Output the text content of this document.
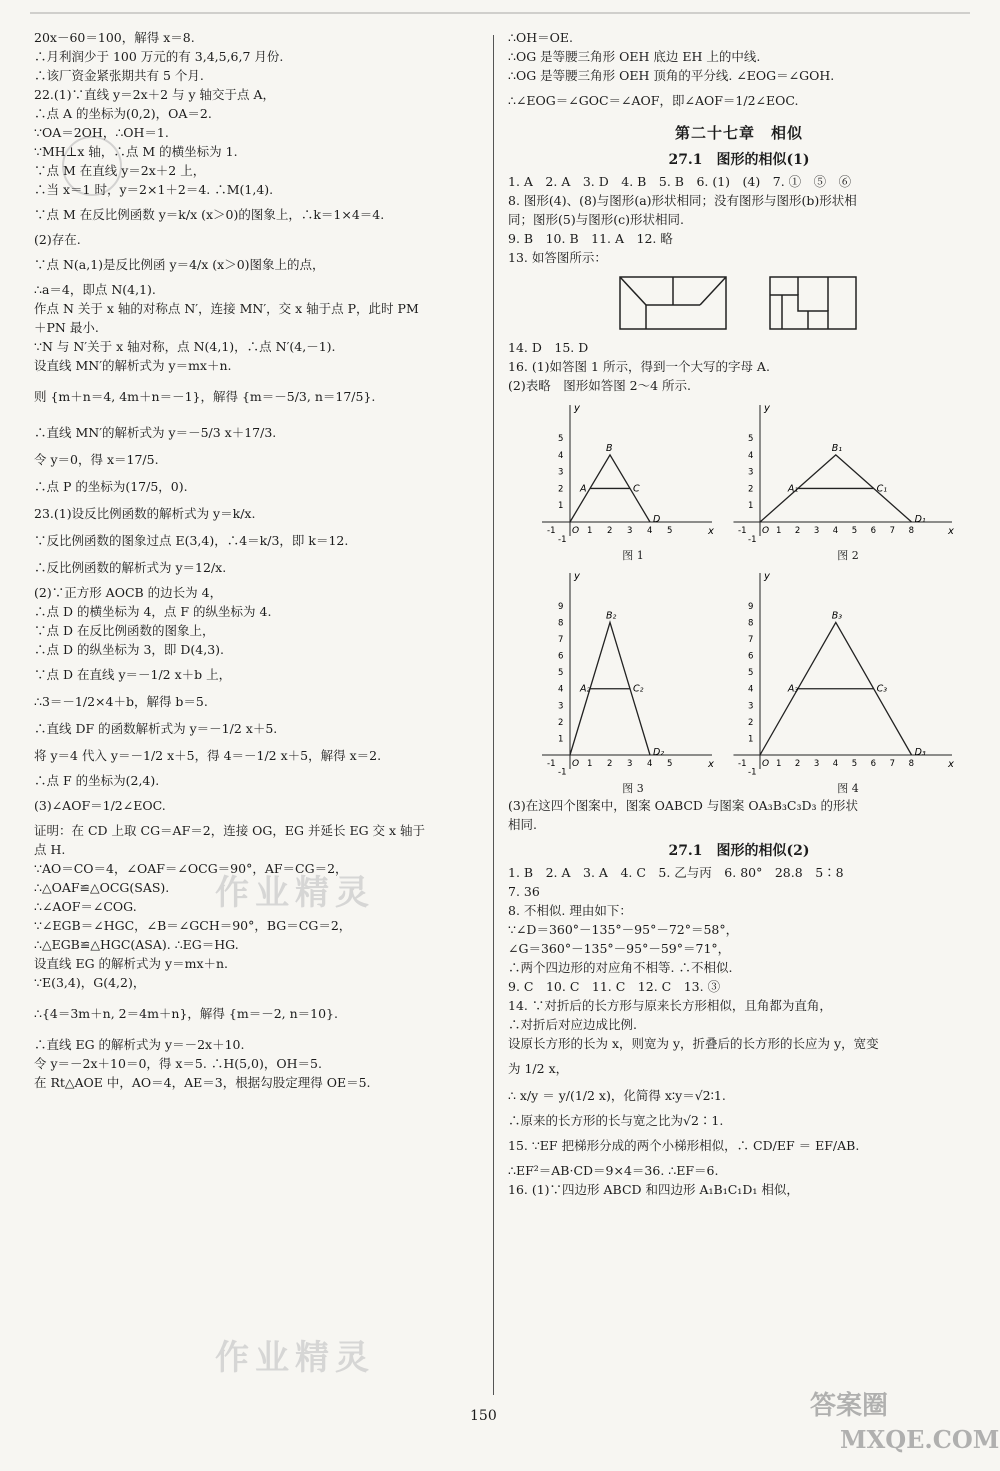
20x－60＝100，解得 x＝8.
∴月利润少于 100 万元的有 3,4,5,6,7 月份.
∴该厂资金紧张期共有 5 个月.
22.(1)∵直线 y＝2x＋2 与 y 轴交于点 A，
∴点 A 的坐标为(0,2)，OA＝2.
∵OA＝2OH，∴OH＝1.
∵MH⊥x 轴，∴点 M 的横坐标为 1.
∵点 M 在直线 y＝2x＋2 上，
∴当 x＝1 时，y＝2×1＋2＝4. ∴M(1,4).
∵点 M 在反比例函数 y＝k/x (x＞0)的图象上，∴k＝1×4＝4.
(2)存在.
∵点 N(a,1)是反比例函 y＝4/x (x＞0)图象上的点，
∴a＝4，即点 N(4,1).
作点 N 关于 x 轴的对称点 N′，连接 MN′，交 x 轴于点 P，此时 PM
＋PN 最小.
∵N 与 N′关于 x 轴对称，点 N(4,1)，∴点 N′(4,－1).
设直线 MN′的解析式为 y＝mx＋n.
则 {m＋n＝4, 4m＋n＝－1}，解得 {m＝－5/3, n＝17/5}.
∴直线 MN′的解析式为 y＝－5/3 x＋17/3.
令 y＝0，得 x＝17/5.
∴点 P 的坐标为(17/5，0).
23.(1)设反比例函数的解析式为 y＝k/x.
∵反比例函数的图象过点 E(3,4)，∴4＝k/3，即 k＝12.
∴反比例函数的解析式为 y＝12/x.
(2)∵正方形 AOCB 的边长为 4，
∴点 D 的横坐标为 4，点 F 的纵坐标为 4.
∵点 D 在反比例函数的图象上，
∴点 D 的纵坐标为 3，即 D(4,3).
∵点 D 在直线 y＝－1/2 x＋b 上，
∴3＝－1/2×4＋b，解得 b＝5.
∴直线 DF 的函数解析式为 y＝－1/2 x＋5.
将 y＝4 代入 y＝－1/2 x＋5，得 4＝－1/2 x＋5，解得 x＝2.
∴点 F 的坐标为(2,4).
(3)∠AOF＝1/2∠EOC.
证明：在 CD 上取 CG＝AF＝2，连接 OG，EG 并延长 EG 交 x 轴于
点 H.
∵AO＝CO＝4，∠OAF＝∠OCG＝90°，AF＝CG＝2，
∴△OAF≌△OCG(SAS).
∴∠AOF＝∠COG.
∵∠EGB＝∠HGC，∠B＝∠GCH＝90°，BG＝CG＝2，
∴△EGB≌△HGC(ASA). ∴EG＝HG.
设直线 EG 的解析式为 y＝mx＋n.
∵E(3,4)，G(4,2)，
∴{4＝3m＋n, 2＝4m＋n}，解得 {m＝－2, n＝10}.
∴直线 EG 的解析式为 y＝－2x＋10.
令 y＝－2x＋10＝0，得 x＝5. ∴H(5,0)，OH＝5.
在 Rt△AOE 中，AO＝4，AE＝3，根据勾股定理得 OE＝5.
∴OH＝OE.
∴OG 是等腰三角形 OEH 底边 EH 上的中线.
∴OG 是等腰三角形 OEH 顶角的平分线. ∠EOG＝∠GOH.
∴∠EOG＝∠GOC＝∠AOF，即∠AOF＝1/2∠EOC.
第二十七章　相似
27.1　图形的相似(1)
1. A　2. A　3. D　4. B　5. B　6. (1)　(4)　7. ①　⑤　⑥
8. 图形(4)、(8)与图形(a)形状相同；没有图形与图形(b)形状相
同；图形(5)与图形(c)形状相同.
9. B　10. B　11. A　12. 略
13. 如答图所示：
14. D　15. D
16. (1)如答图 1 所示，得到一个大写的字母 A.
(2)表略　图形如答图 2～4 所示.
x
y
O
-1	1 2 3 4 5
-1
1
2
3
4
5
A
B
C
D
图 1
x
y
O
-1	1 2 3 4 5 6 7 8
-1
1
2
3
4
5
A₁
B₁
C₁
D₁
图 2
x
y
O
-1	1 2 3 4 5
-1
1
2
3
4
5
6
7
8
9
A₂
B₂
C₂
D₂
图 3
x
y
O
-1	1 2 3 4 5 6 7 8
-1
1
2
3
4
5
6
7
8
9
A₃
B₃
C₃
D₃
图 4
(3)在这四个图案中，图案 OABCD 与图案 OA₃B₃C₃D₃ 的形状
相同.
27.1　图形的相似(2)
1. B　2. A　3. A　4. C　5. 乙与丙　6. 80°　28.8　5∶8
7. 36
8. 不相似. 理由如下：
∵∠D＝360°－135°－95°－72°＝58°，
∠G＝360°－135°－95°－59°＝71°，
∴两个四边形的对应角不相等. ∴不相似.
9. C　10. C　11. C　12. C　13. ③
14. ∵对折后的长方形与原来长方形相似，且角都为直角，
∴对折后对应边成比例.
设原长方形的长为 x，则宽为 y，折叠后的长方形的长应为 y，宽变
为 1/2 x，
∴ x/y ＝ y/(1/2 x)，化简得 x∶y＝√2∶1.
∴原来的长方形的长与宽之比为√2∶1.
15. ∵EF 把梯形分成的两个小梯形相似，∴ CD/EF ＝ EF/AB.
∴EF²＝AB·CD＝9×4＝36. ∴EF＝6.
16. (1)∵四边形 ABCD 和四边形 A₁B₁C₁D₁ 相似，
作业精灵
作业精灵
150	答案圈
MXQE.COM
